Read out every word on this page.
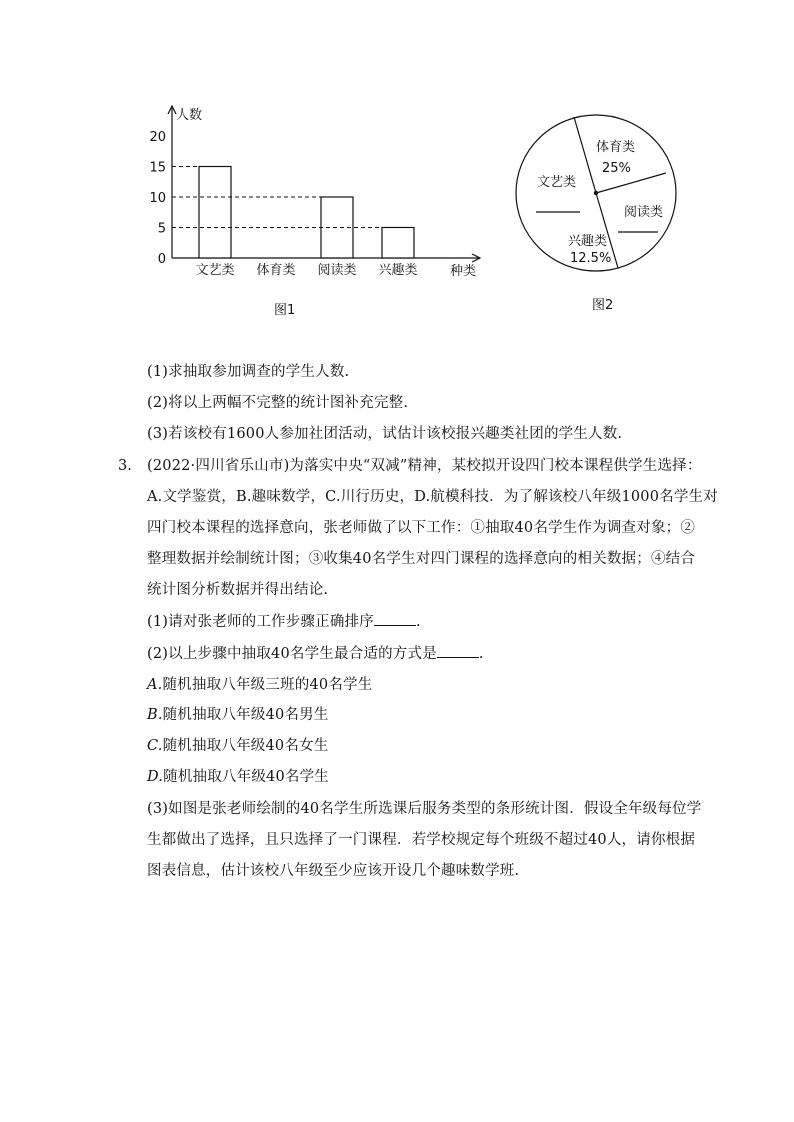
0
5
10
15
20
文艺类 体育类 阅读类 兴趣类
人数
种类
图1
文艺类
体育类
25%
阅读类
兴趣类
12.5%
图2
(1)求抽取参加调查的学生人数.
(2)将以上两幅不完整的统计图补充完整.
(3)若该校有1600人参加社团活动，试估计该校报兴趣类社团的学生人数.
3. (2022·四川省乐山市)为落实中央“双减”精神，某校拟开设四门校本课程供学生选择：
A.文学鉴赏，B.趣味数学，C.川行历史，D.航模科技．为了解该校八年级1000名学生对
四门校本课程的选择意向，张老师做了以下工作：①抽取40名学生作为调查对象；②
整理数据并绘制统计图；③收集40名学生对四门课程的选择意向的相关数据；④结合
统计图分析数据并得出结论.
(1)请对张老师的工作步骤正确排序	.
(2)以上步骤中抽取40名学生最合适的方式是	.
A.随机抽取八年级三班的40名学生
B.随机抽取八年级40名男生
C.随机抽取八年级40名女生
D.随机抽取八年级40名学生
(3)如图是张老师绘制的40名学生所选课后服务类型的条形统计图．假设全年级每位学
生都做出了选择，且只选择了一门课程．若学校规定每个班级不超过40人，请你根据
图表信息，估计该校八年级至少应该开设几个趣味数学班.
